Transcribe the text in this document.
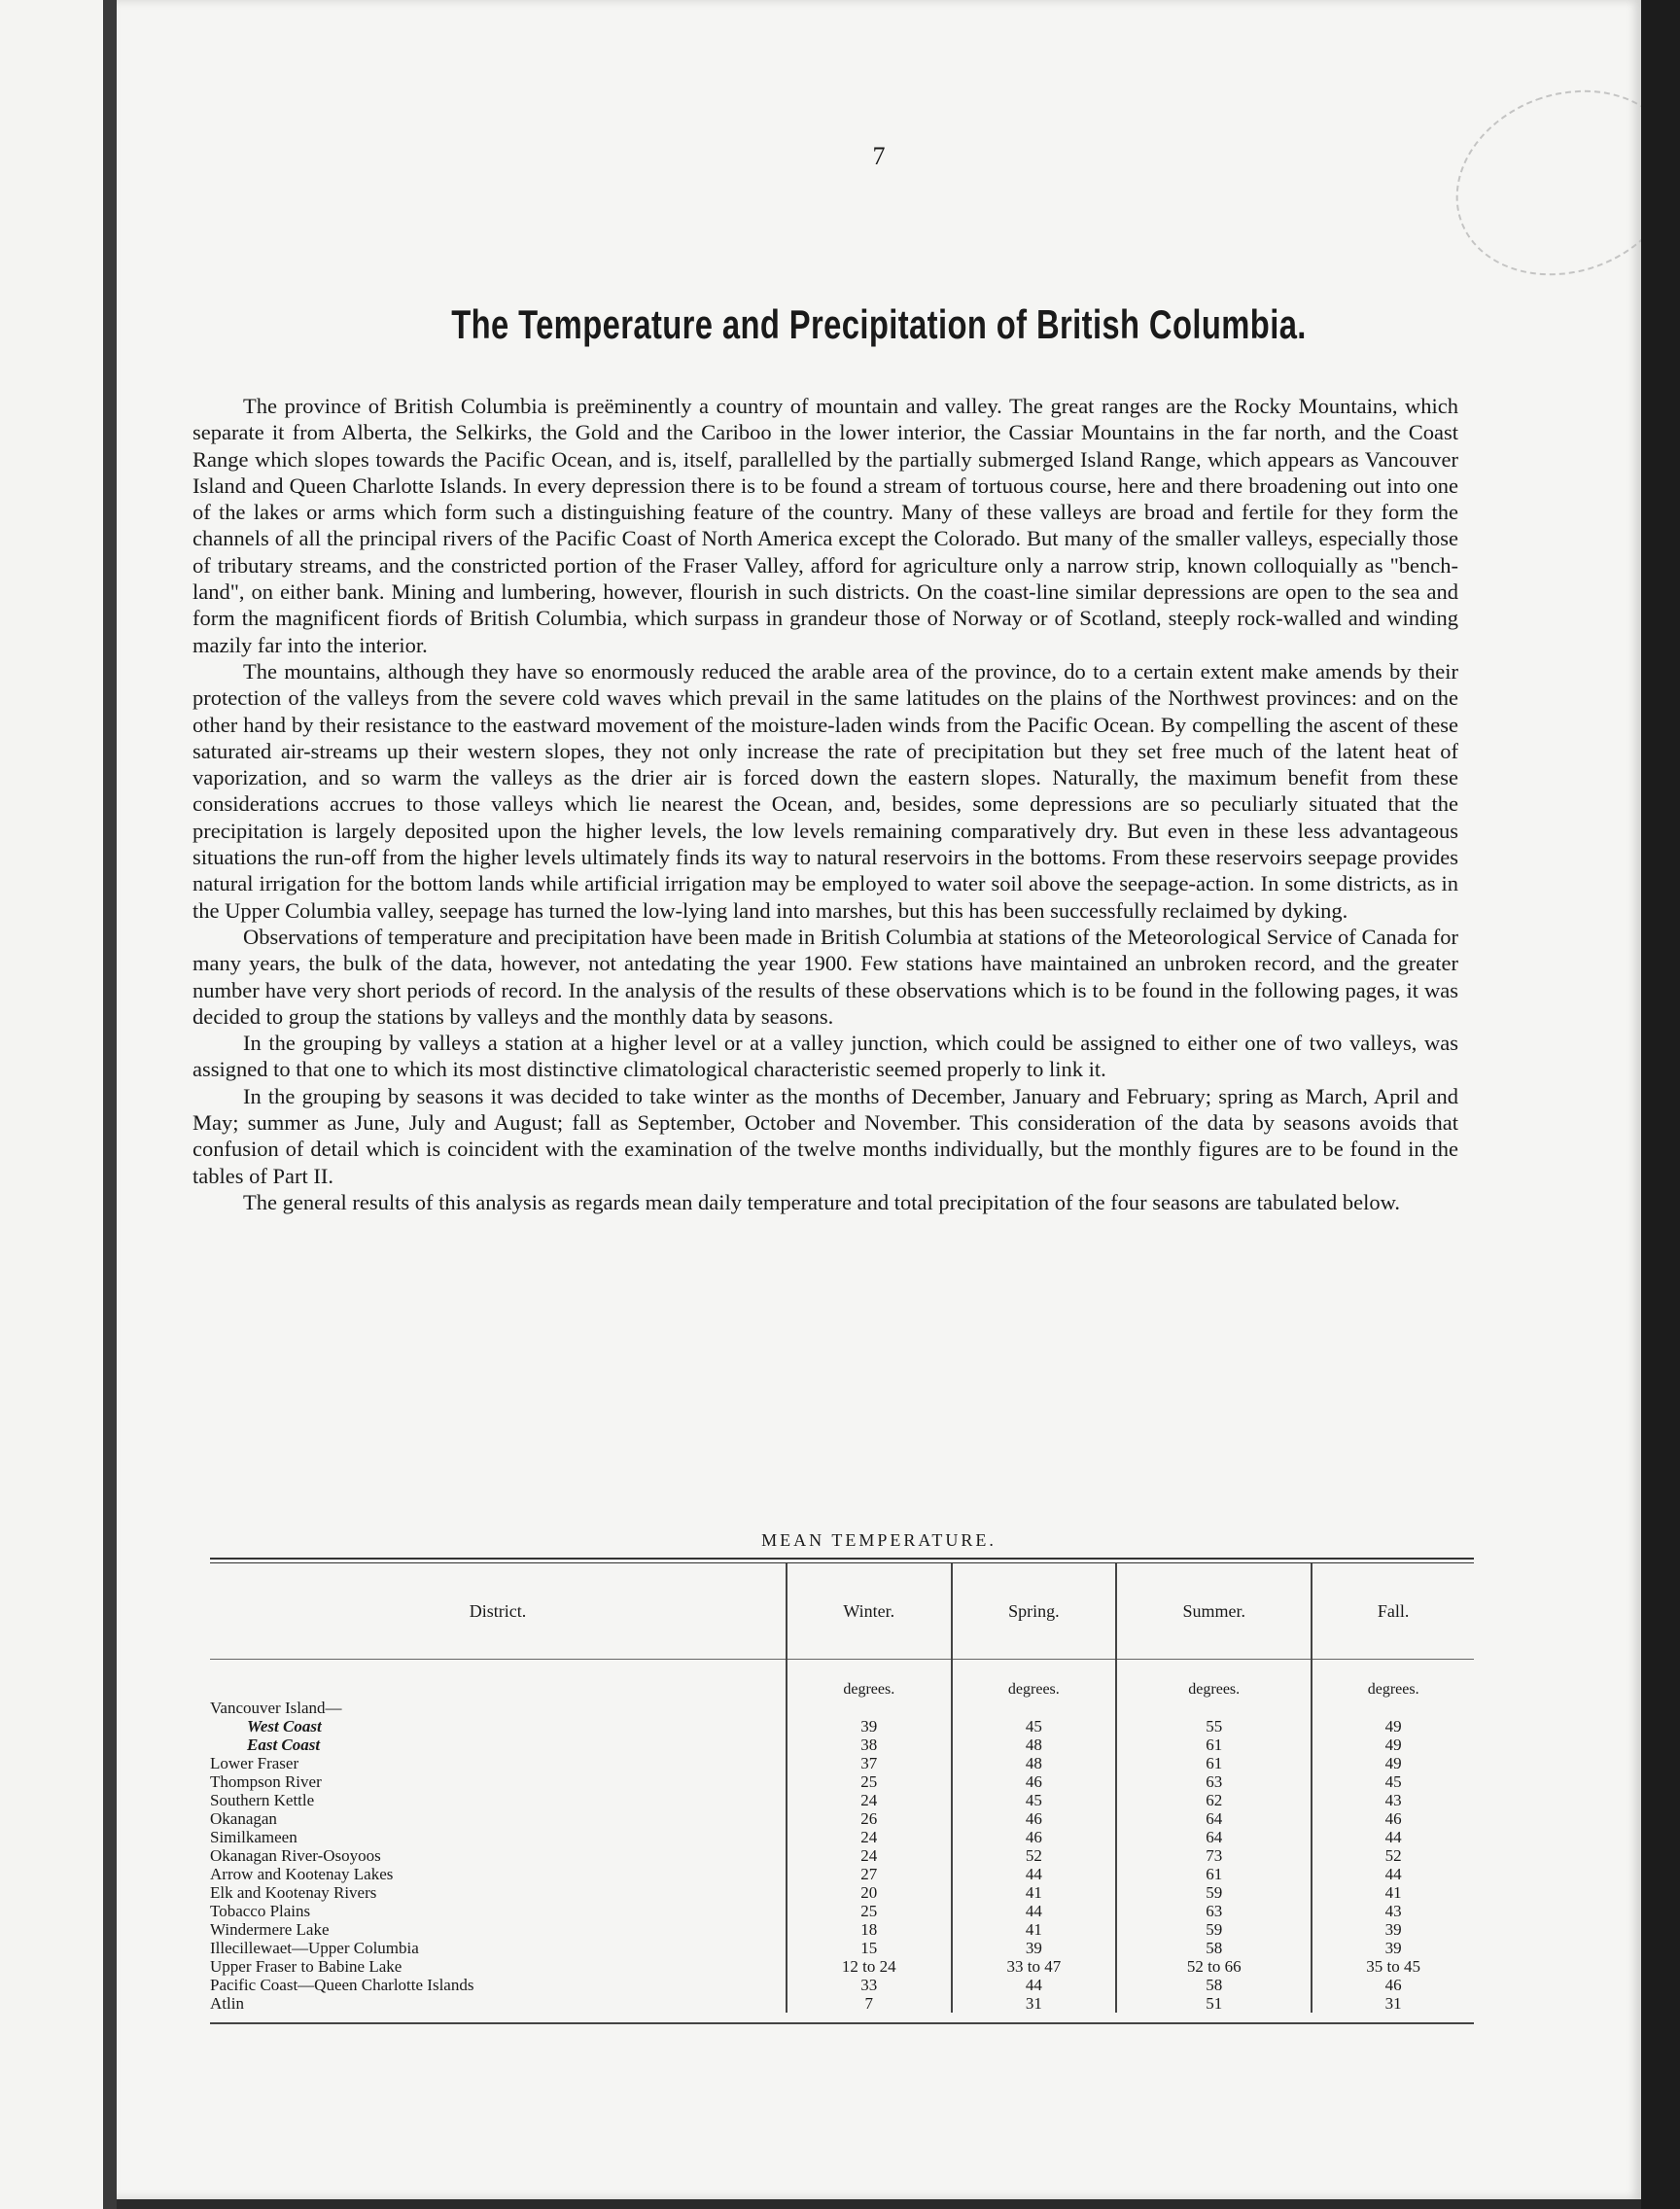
7
The Temperature and Precipitation of British Columbia.

The province of British Columbia is preëminently a country of mountain and valley. The great ranges are the Rocky Mountains, which separate it from Alberta, the Selkirks, the Gold and the Cariboo in the lower interior, the Cassiar Mountains in the far north, and the Coast Range which slopes towards the Pacific Ocean, and is, itself, parallelled by the partially submerged Island Range, which appears as Vancouver Island and Queen Charlotte Islands. In every depression there is to be found a stream of tortuous course, here and there broadening out into one of the lakes or arms which form such a distinguishing feature of the country. Many of these valleys are broad and fertile for they form the channels of all the principal rivers of the Pacific Coast of North America except the Colorado. But many of the smaller valleys, especially those of tributary streams, and the constricted portion of the Fraser Valley, afford for agriculture only a narrow strip, known colloquially as "bench-land", on either bank. Mining and lumbering, however, flourish in such districts. On the coast-line similar depressions are open to the sea and form the magnificent fiords of British Columbia, which surpass in grandeur those of Norway or of Scotland, steeply rock-walled and winding mazily far into the interior.

The mountains, although they have so enormously reduced the arable area of the province, do to a certain extent make amends by their protection of the valleys from the severe cold waves which prevail in the same latitudes on the plains of the Northwest provinces: and on the other hand by their resistance to the eastward movement of the moisture-laden winds from the Pacific Ocean. By compelling the ascent of these saturated air-streams up their western slopes, they not only increase the rate of precipitation but they set free much of the latent heat of vaporization, and so warm the valleys as the drier air is forced down the eastern slopes. Naturally, the maximum benefit from these considerations accrues to those valleys which lie nearest the Ocean, and, besides, some depressions are so peculiarly situated that the precipitation is largely deposited upon the higher levels, the low levels remaining comparatively dry. But even in these less advantageous situations the run-off from the higher levels ultimately finds its way to natural reservoirs in the bottoms. From these reservoirs seepage provides natural irrigation for the bottom lands while artificial irrigation may be employed to water soil above the seepage-action. In some districts, as in the Upper Columbia valley, seepage has turned the low-lying land into marshes, but this has been successfully reclaimed by dyking.

Observations of temperature and precipitation have been made in British Columbia at stations of the Meteorological Service of Canada for many years, the bulk of the data, however, not antedating the year 1900. Few stations have maintained an unbroken record, and the greater number have very short periods of record. In the analysis of the results of these observations which is to be found in the following pages, it was decided to group the stations by valleys and the monthly data by seasons.

In the grouping by valleys a station at a higher level or at a valley junction, which could be assigned to either one of two valleys, was assigned to that one to which its most distinctive climatological characteristic seemed properly to link it.

In the grouping by seasons it was decided to take winter as the months of December, January and February; spring as March, April and May; summer as June, July and August; fall as September, October and November. This consideration of the data by seasons avoids that confusion of detail which is coincident with the examination of the twelve months individually, but the monthly figures are to be found in the tables of Part II.

The general results of this analysis as regards mean daily temperature and total precipitation of the four seasons are tabulated below.

MEAN TEMPERATURE.
District.	Winter.	Spring.	Summer.	Fall.
	degrees.	degrees.	degrees.	degrees.
Vancouver Island—				
West Coast	39	45	55	49
East Coast	38	48	61	49
Lower Fraser	37	48	61	49
Thompson River	25	46	63	45
Southern Kettle	24	45	62	43
Okanagan	26	46	64	46
Similkameen	24	46	64	44
Okanagan River-Osoyoos	24	52	73	52
Arrow and Kootenay Lakes	27	44	61	44
Elk and Kootenay Rivers	20	41	59	41
Tobacco Plains	25	44	63	43
Windermere Lake	18	41	59	39
Illecillewaet—Upper Columbia	15	39	58	39
Upper Fraser to Babine Lake	12 to 24	33 to 47	52 to 66	35 to 45
Pacific Coast—Queen Charlotte Islands	33	44	58	46
Atlin	7	31	51	31
